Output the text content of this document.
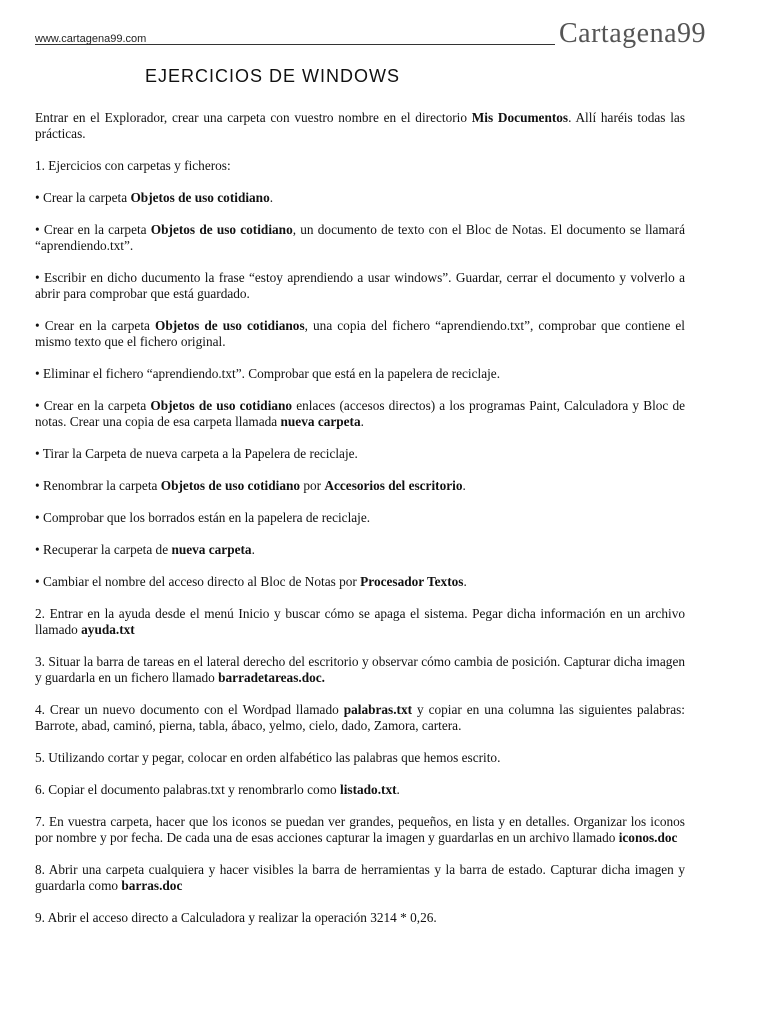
www.cartagena99.com	Cartagena99
EJERCICIOS DE WINDOWS

Entrar en el Explorador, crear una carpeta con vuestro nombre en el directorio Mis Documentos. Allí haréis todas las prácticas.

1. Ejercicios con carpetas y ficheros:

• Crear la carpeta Objetos de uso cotidiano.

• Crear en la carpeta Objetos de uso cotidiano, un documento de texto con el Bloc de Notas. El documento se llamará “aprendiendo.txt”.

• Escribir en dicho ducumento la frase “estoy aprendiendo a usar windows”. Guardar, cerrar el documento y volverlo a abrir para comprobar que está guardado.

• Crear en la carpeta Objetos de uso cotidianos, una copia del fichero “aprendiendo.txt”, comprobar que contiene el mismo texto que el fichero original.

• Eliminar el fichero “aprendiendo.txt”. Comprobar que está en la papelera de reciclaje.

• Crear en la carpeta Objetos de uso cotidiano enlaces (accesos directos) a los programas Paint, Calculadora y Bloc de notas. Crear una copia de esa carpeta llamada nueva carpeta.

• Tirar la Carpeta de nueva carpeta a la Papelera de reciclaje.

• Renombrar la carpeta Objetos de uso cotidiano por Accesorios del escritorio.

• Comprobar que los borrados están en la papelera de reciclaje.

• Recuperar la carpeta de nueva carpeta.

• Cambiar el nombre del acceso directo al Bloc de Notas por Procesador Textos.

2. Entrar en la ayuda desde el menú Inicio y buscar cómo se apaga el sistema. Pegar dicha información en un archivo llamado ayuda.txt

3. Situar la barra de tareas en el lateral derecho del escritorio y observar cómo cambia de posición. Capturar dicha imagen y guardarla en un fichero llamado barradetareas.doc.

4. Crear un nuevo documento con el Wordpad llamado palabras.txt y copiar en una columna las siguientes palabras: Barrote, abad, caminó, pierna, tabla, ábaco, yelmo, cielo, dado, Zamora, cartera.

5. Utilizando cortar y pegar, colocar en orden alfabético las palabras que hemos escrito.

6. Copiar el documento palabras.txt y renombrarlo como listado.txt.

7. En vuestra carpeta, hacer que los iconos se puedan ver grandes, pequeños, en lista y en detalles. Organizar los iconos por nombre y por fecha. De cada una de esas acciones capturar la imagen y guardarlas en un archivo llamado iconos.doc

8. Abrir una carpeta cualquiera y hacer visibles la barra de herramientas y la barra de estado. Capturar dicha imagen y guardarla como barras.doc

9. Abrir el acceso directo a Calculadora y realizar la operación 3214 * 0,26.
